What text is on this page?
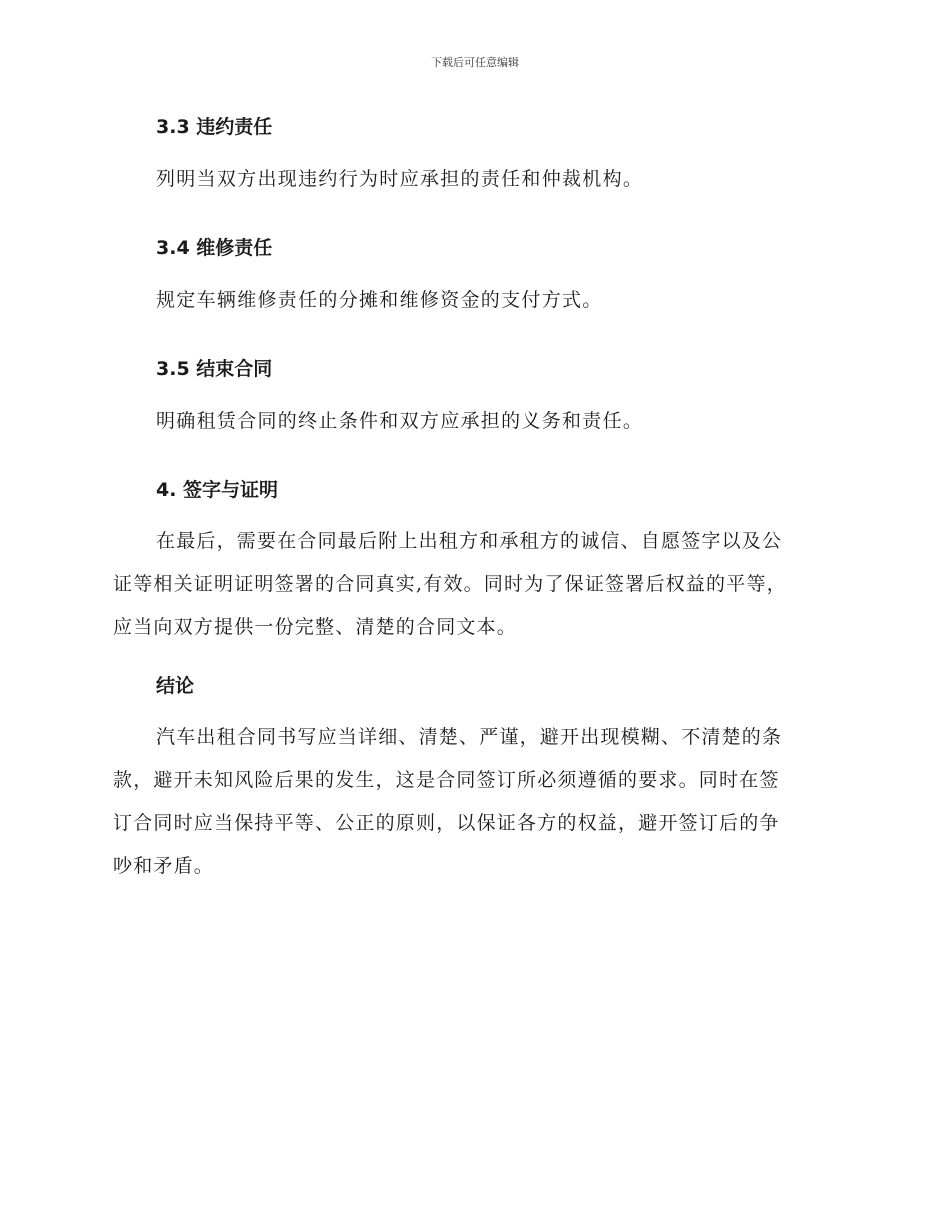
下载后可任意编辑
3.3 违约责任

列明当双方出现违约行为时应承担的责任和仲裁机构。

3.4 维修责任

规定车辆维修责任的分摊和维修资金的支付方式。

3.5 结束合同

明确租赁合同的终止条件和双方应承担的义务和责任。

4. 签字与证明
在最后，需要在合同最后附上出租方和承租方的诚信、自愿签字以及公
证等相关证明证明签署的合同真实,有效。同时为了保证签署后权益的平等，
应当向双方提供一份完整、清楚的合同文本。
结论
汽车出租合同书写应当详细、清楚、严谨，避开出现模糊、不清楚的条
款，避开未知风险后果的发生，这是合同签订所必须遵循的要求。同时在签
订合同时应当保持平等、公正的原则，以保证各方的权益，避开签订后的争
吵和矛盾。
